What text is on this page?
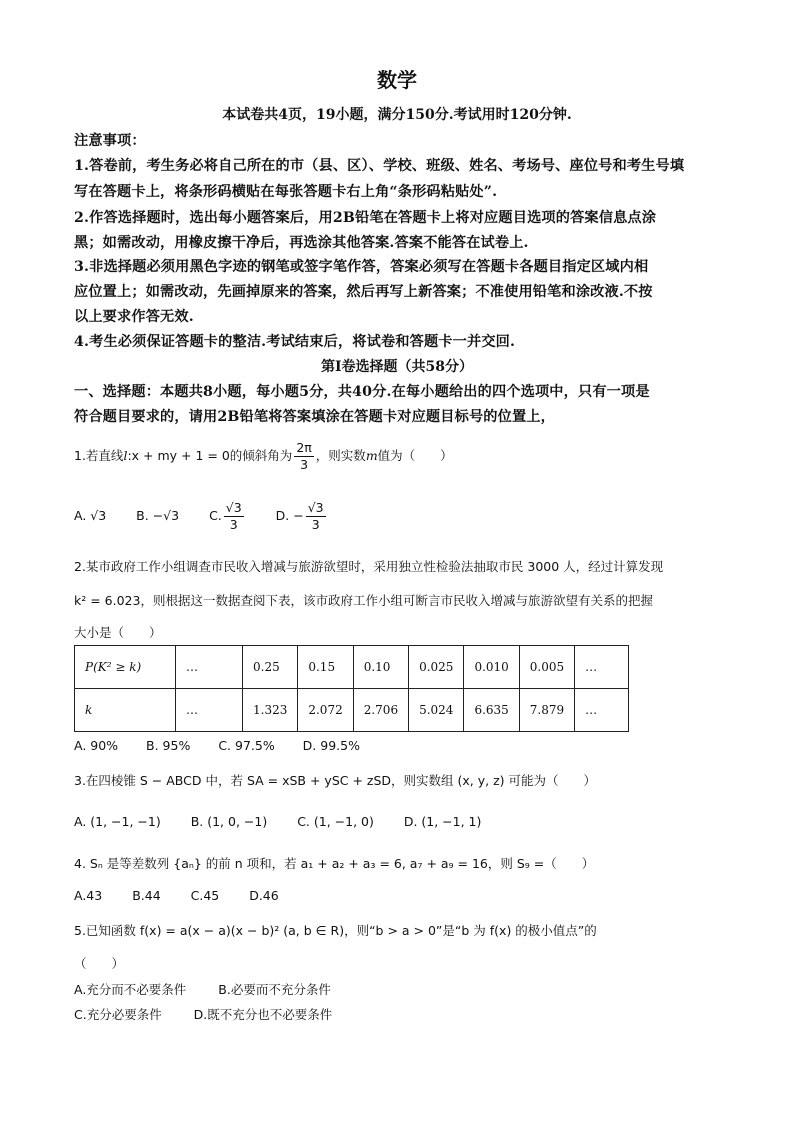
数学
本试卷共4页，19小题，满分150分.考试用时120分钟.
注意事项：
1.答卷前，考生务必将自己所在的市（县、区）、学校、班级、姓名、考场号、座位号和考生号填
写在答题卡上，将条形码横贴在每张答题卡右上角“条形码粘贴处”.
2.作答选择题时，选出每小题答案后，用2B铅笔在答题卡上将对应题目选项的答案信息点涂
黑；如需改动，用橡皮擦干净后，再选涂其他答案.答案不能答在试卷上.
3.非选择题必须用黑色字迹的钢笔或签字笔作答，答案必须写在答题卡各题目指定区域内相
应位置上；如需改动，先画掉原来的答案，然后再写上新答案；不准使用铅笔和涂改液.不按
以上要求作答无效.
4.考生必须保证答题卡的整洁.考试结束后，将试卷和答题卡一并交回.
第I卷选择题（共58分）
一、选择题：本题共8小题，每小题5分，共40分.在每小题给出的四个选项中，只有一项是
符合题目要求的，请用2B铅笔将答案填涂在答题卡对应题目标号的位置上，
1.若直线l:x + my + 1 = 0的倾斜角为 $\frac{2\pi}{3}$ ，则实数m值为（　　）
A. √3 B. −√3 C. $\frac{√3}{3}$	D. − $\frac{√3}{3}$
2.某市政府工作小组调查市民收入增减与旅游欲望时，采用独立性检验法抽取市民 3000 人，经过计算发现
k² = 6.023，则根据这一数据查阅下表，该市政府工作小组可断言市民收入增减与旅游欲望有关系的把握
大小是（　　）
P(K² ≥ k)	…	0.25	0.15	0.10	0.025	0.010	0.005	…
k	…	1.323	2.072	2.706	5.024	6.635	7.879	…
A. 90% B. 95% C. 97.5% D. 99.5%
3.在四棱锥 S − ABCD 中，若 SA = xSB + ySC + zSD，则实数组 (x, y, z) 可能为（　　）
A. (1, −1, −1) B. (1, 0, −1) C. (1, −1, 0) D. (1, −1, 1)
4. Sₙ 是等差数列 {aₙ} 的前 n 项和，若 a₁ + a₂ + a₃ = 6, a₇ + a₉ = 16，则 S₉ =（　　）
A.43 B.44 C.45 D.46
5.已知函数 f(x) = a(x − a)(x − b)² (a, b ∈ R)，则“b > a > 0”是“b 为 f(x) 的极小值点”的
（　　）
A.充分而不必要条件	B.必要而不充分条件
C.充分必要条件	D.既不充分也不必要条件
